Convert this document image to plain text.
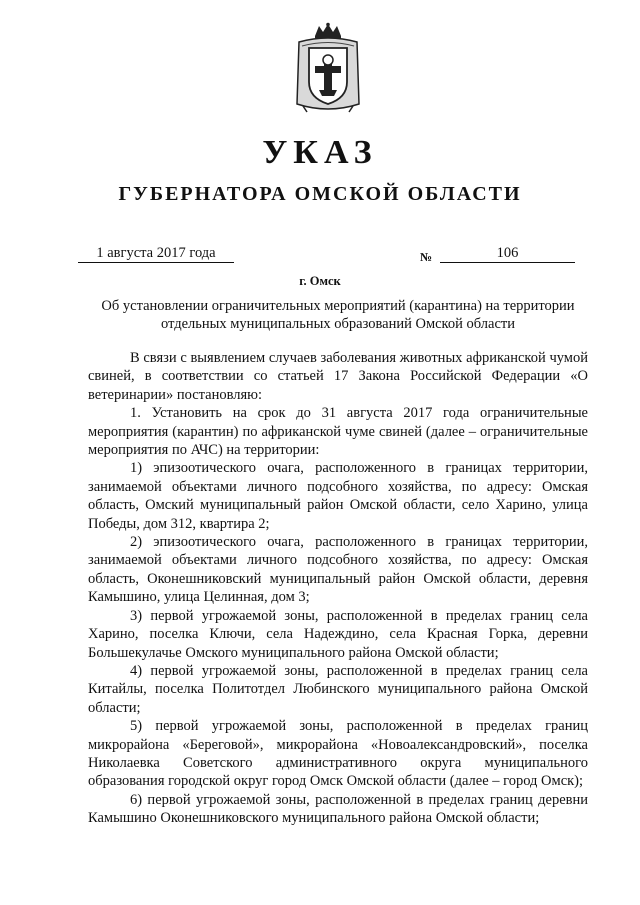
УКАЗ
ГУБЕРНАТОРА ОМСКОЙ ОБЛАСТИ
1 августа 2017 года	№	106
г. Омск
Об установлении ограничительных мероприятий (карантина) на территории отдельных муниципальных образований Омской области

В связи с выявлением случаев заболевания животных африканской чумой свиней, в соответствии со статьей 17 Закона Российской Федерации «О ветеринарии» постановляю:

1. Установить на срок до 31 августа 2017 года ограничительные мероприятия (карантин) по африканской чуме свиней (далее – ограничительные мероприятия по АЧС) на территории:

1) эпизоотического очага, расположенного в границах территории, занимаемой объектами личного подсобного хозяйства, по адресу: Омская область, Омский муниципальный район Омской области, село Харино, улица Победы, дом 312, квартира 2;

2) эпизоотического очага, расположенного в границах территории, занимаемой объектами личного подсобного хозяйства, по адресу: Омская область, Оконешниковский муниципальный район Омской области, деревня Камышино, улица Целинная, дом 3;

3) первой угрожаемой зоны, расположенной в пределах границ села Харино, поселка Ключи, села Надеждино, села Красная Горка, деревни Большекулачье Омского муниципального района Омской области;

4) первой угрожаемой зоны, расположенной в пределах границ села Китайлы, поселка Политотдел Любинского муниципального района Омской области;

5) первой угрожаемой зоны, расположенной в пределах границ микрорайона «Береговой», микрорайона «Новоалександровский», поселка Николаевка Советского административного округа муниципального образования городской округ город Омск Омской области (далее – город Омск);

6) первой угрожаемой зоны, расположенной в пределах границ деревни Камышино Оконешниковского муниципального района Омской области;
